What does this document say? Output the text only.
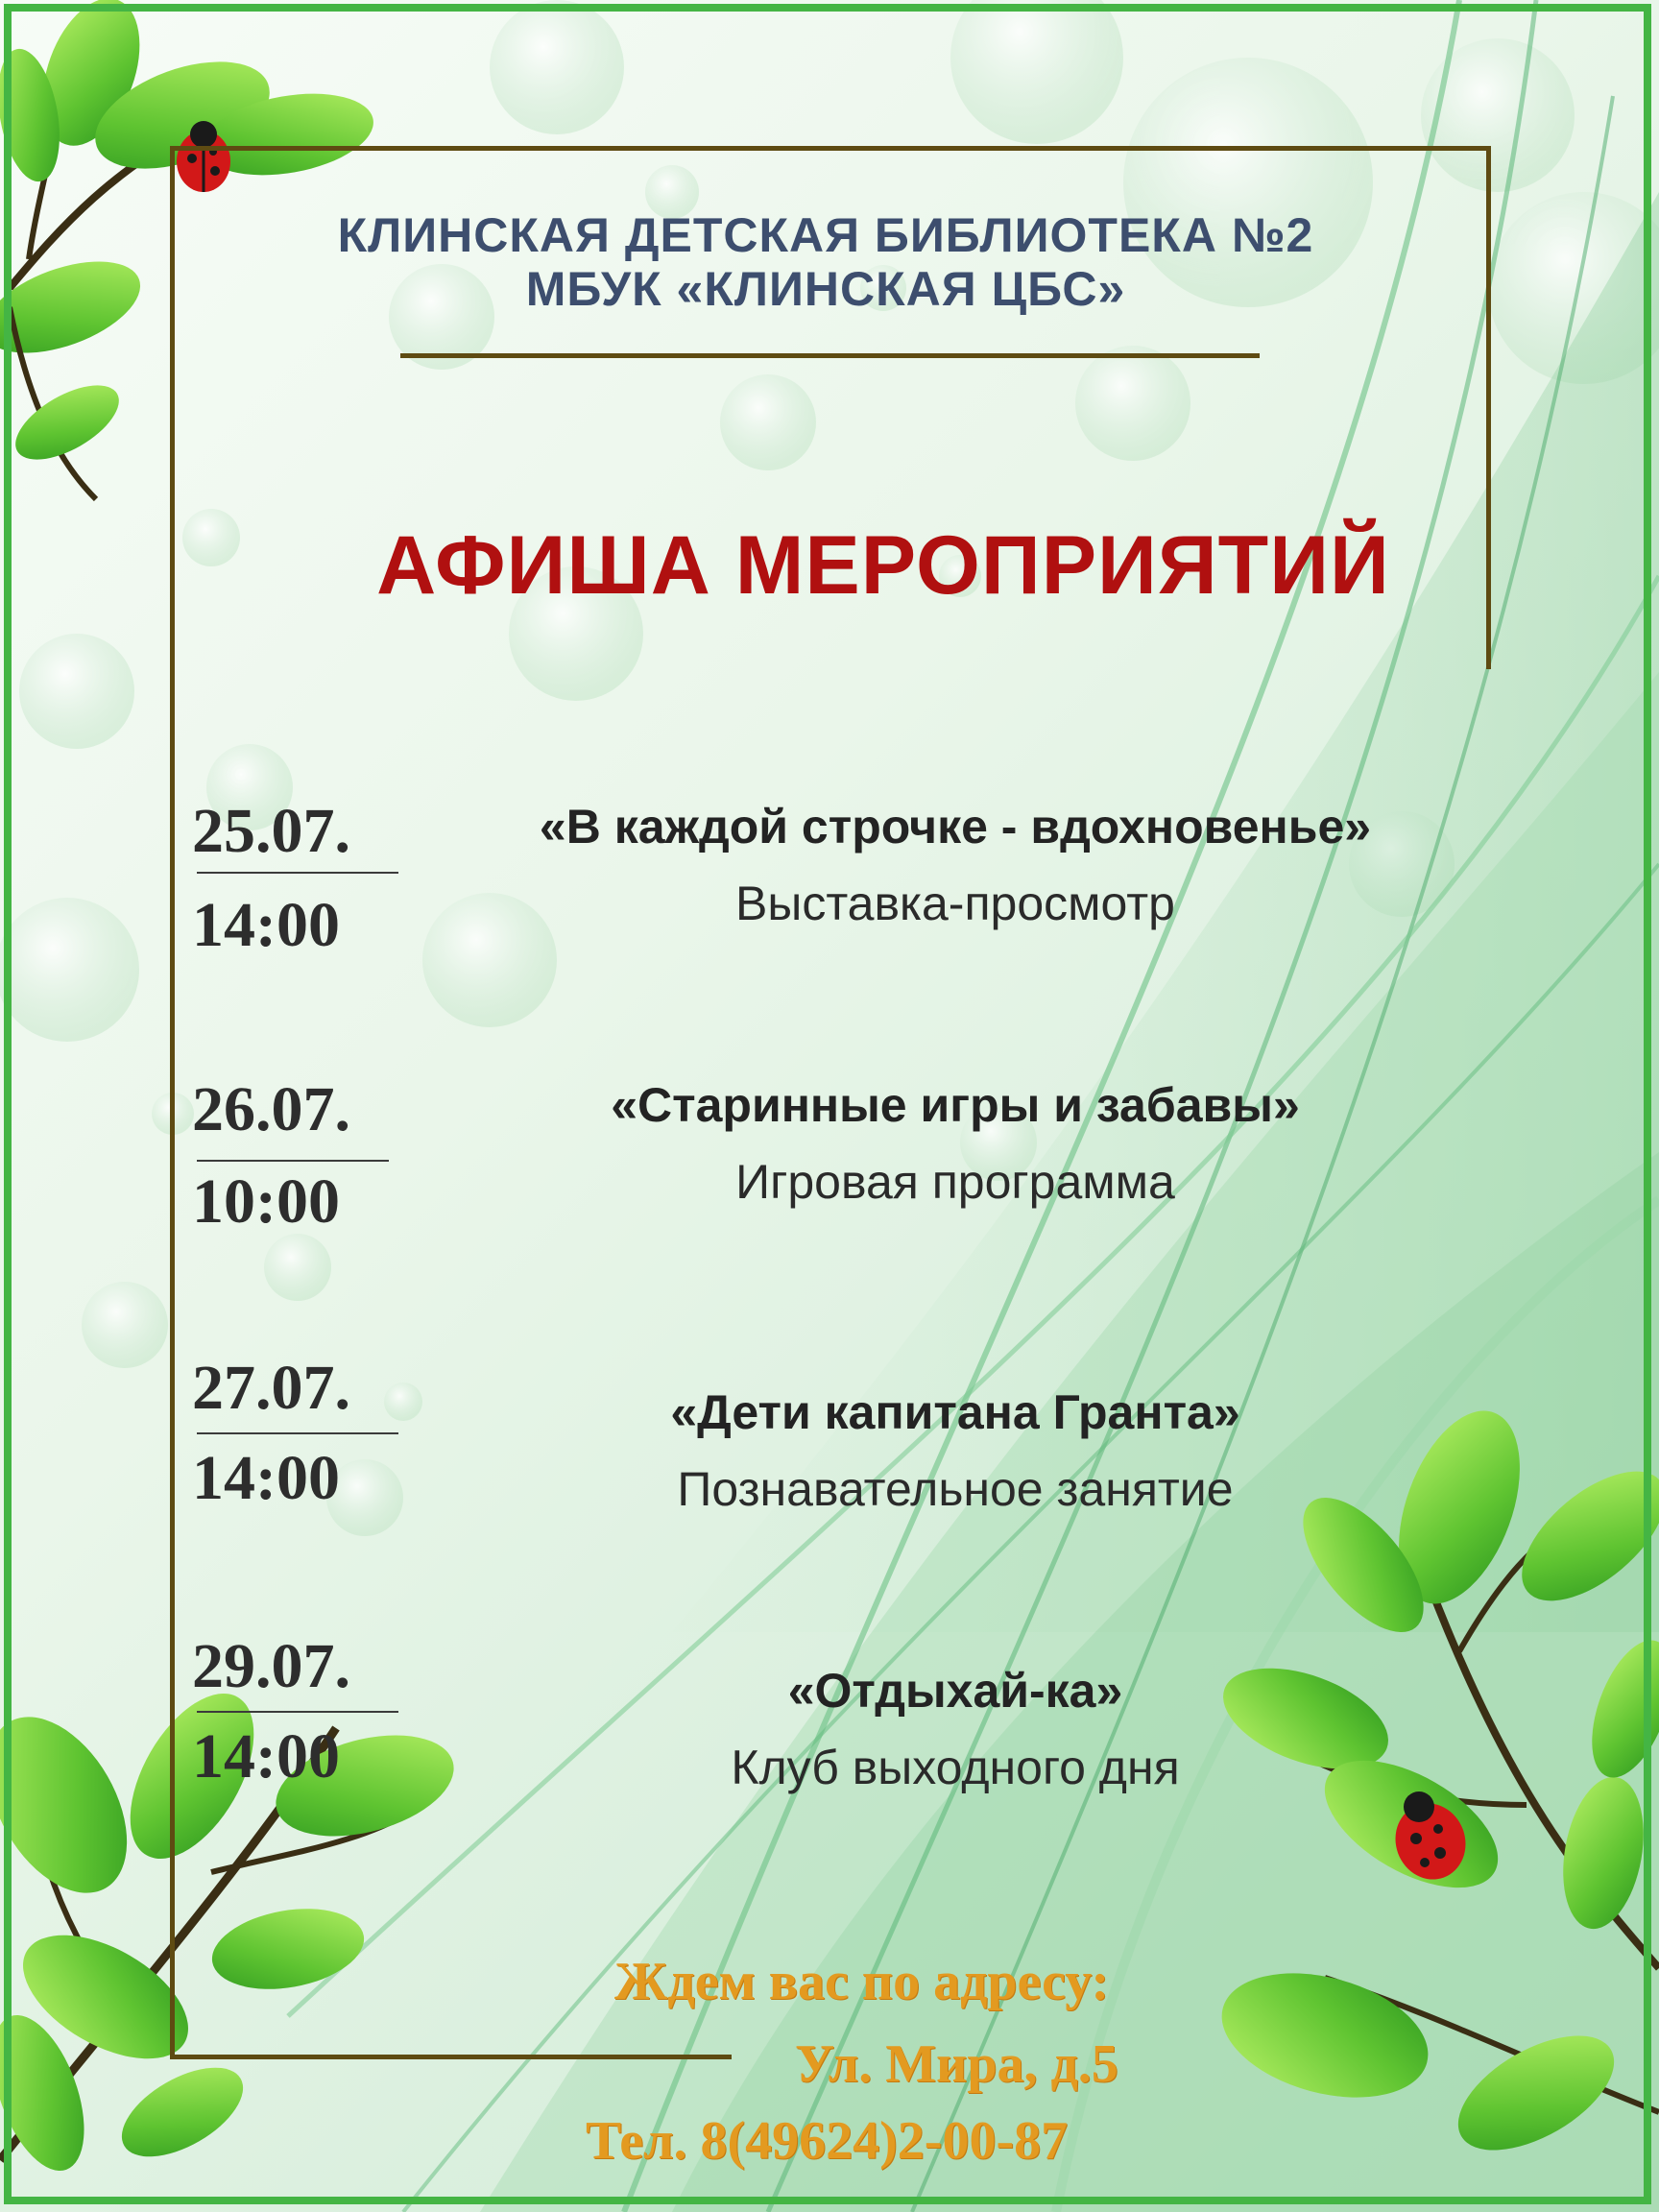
КЛИНСКАЯ ДЕТСКАЯ БИБЛИОТЕКА №2
МБУК «КЛИНСКАЯ ЦБС»
АФИША МЕРОПРИЯТИЙ
25.07.
14:00
«В каждой строчке - вдохновенье»
Выставка-просмотр
26.07.
10:00
«Старинные игры и забавы»
Игровая программа
27.07.
14:00
«Дети капитана Гранта»
Познавательное занятие
29.07.
14:00
«Отдыхай-ка»
Клуб выходного дня
Ждем вас по адресу:
Ул. Мира, д.5
Тел. 8(49624)2-00-87
